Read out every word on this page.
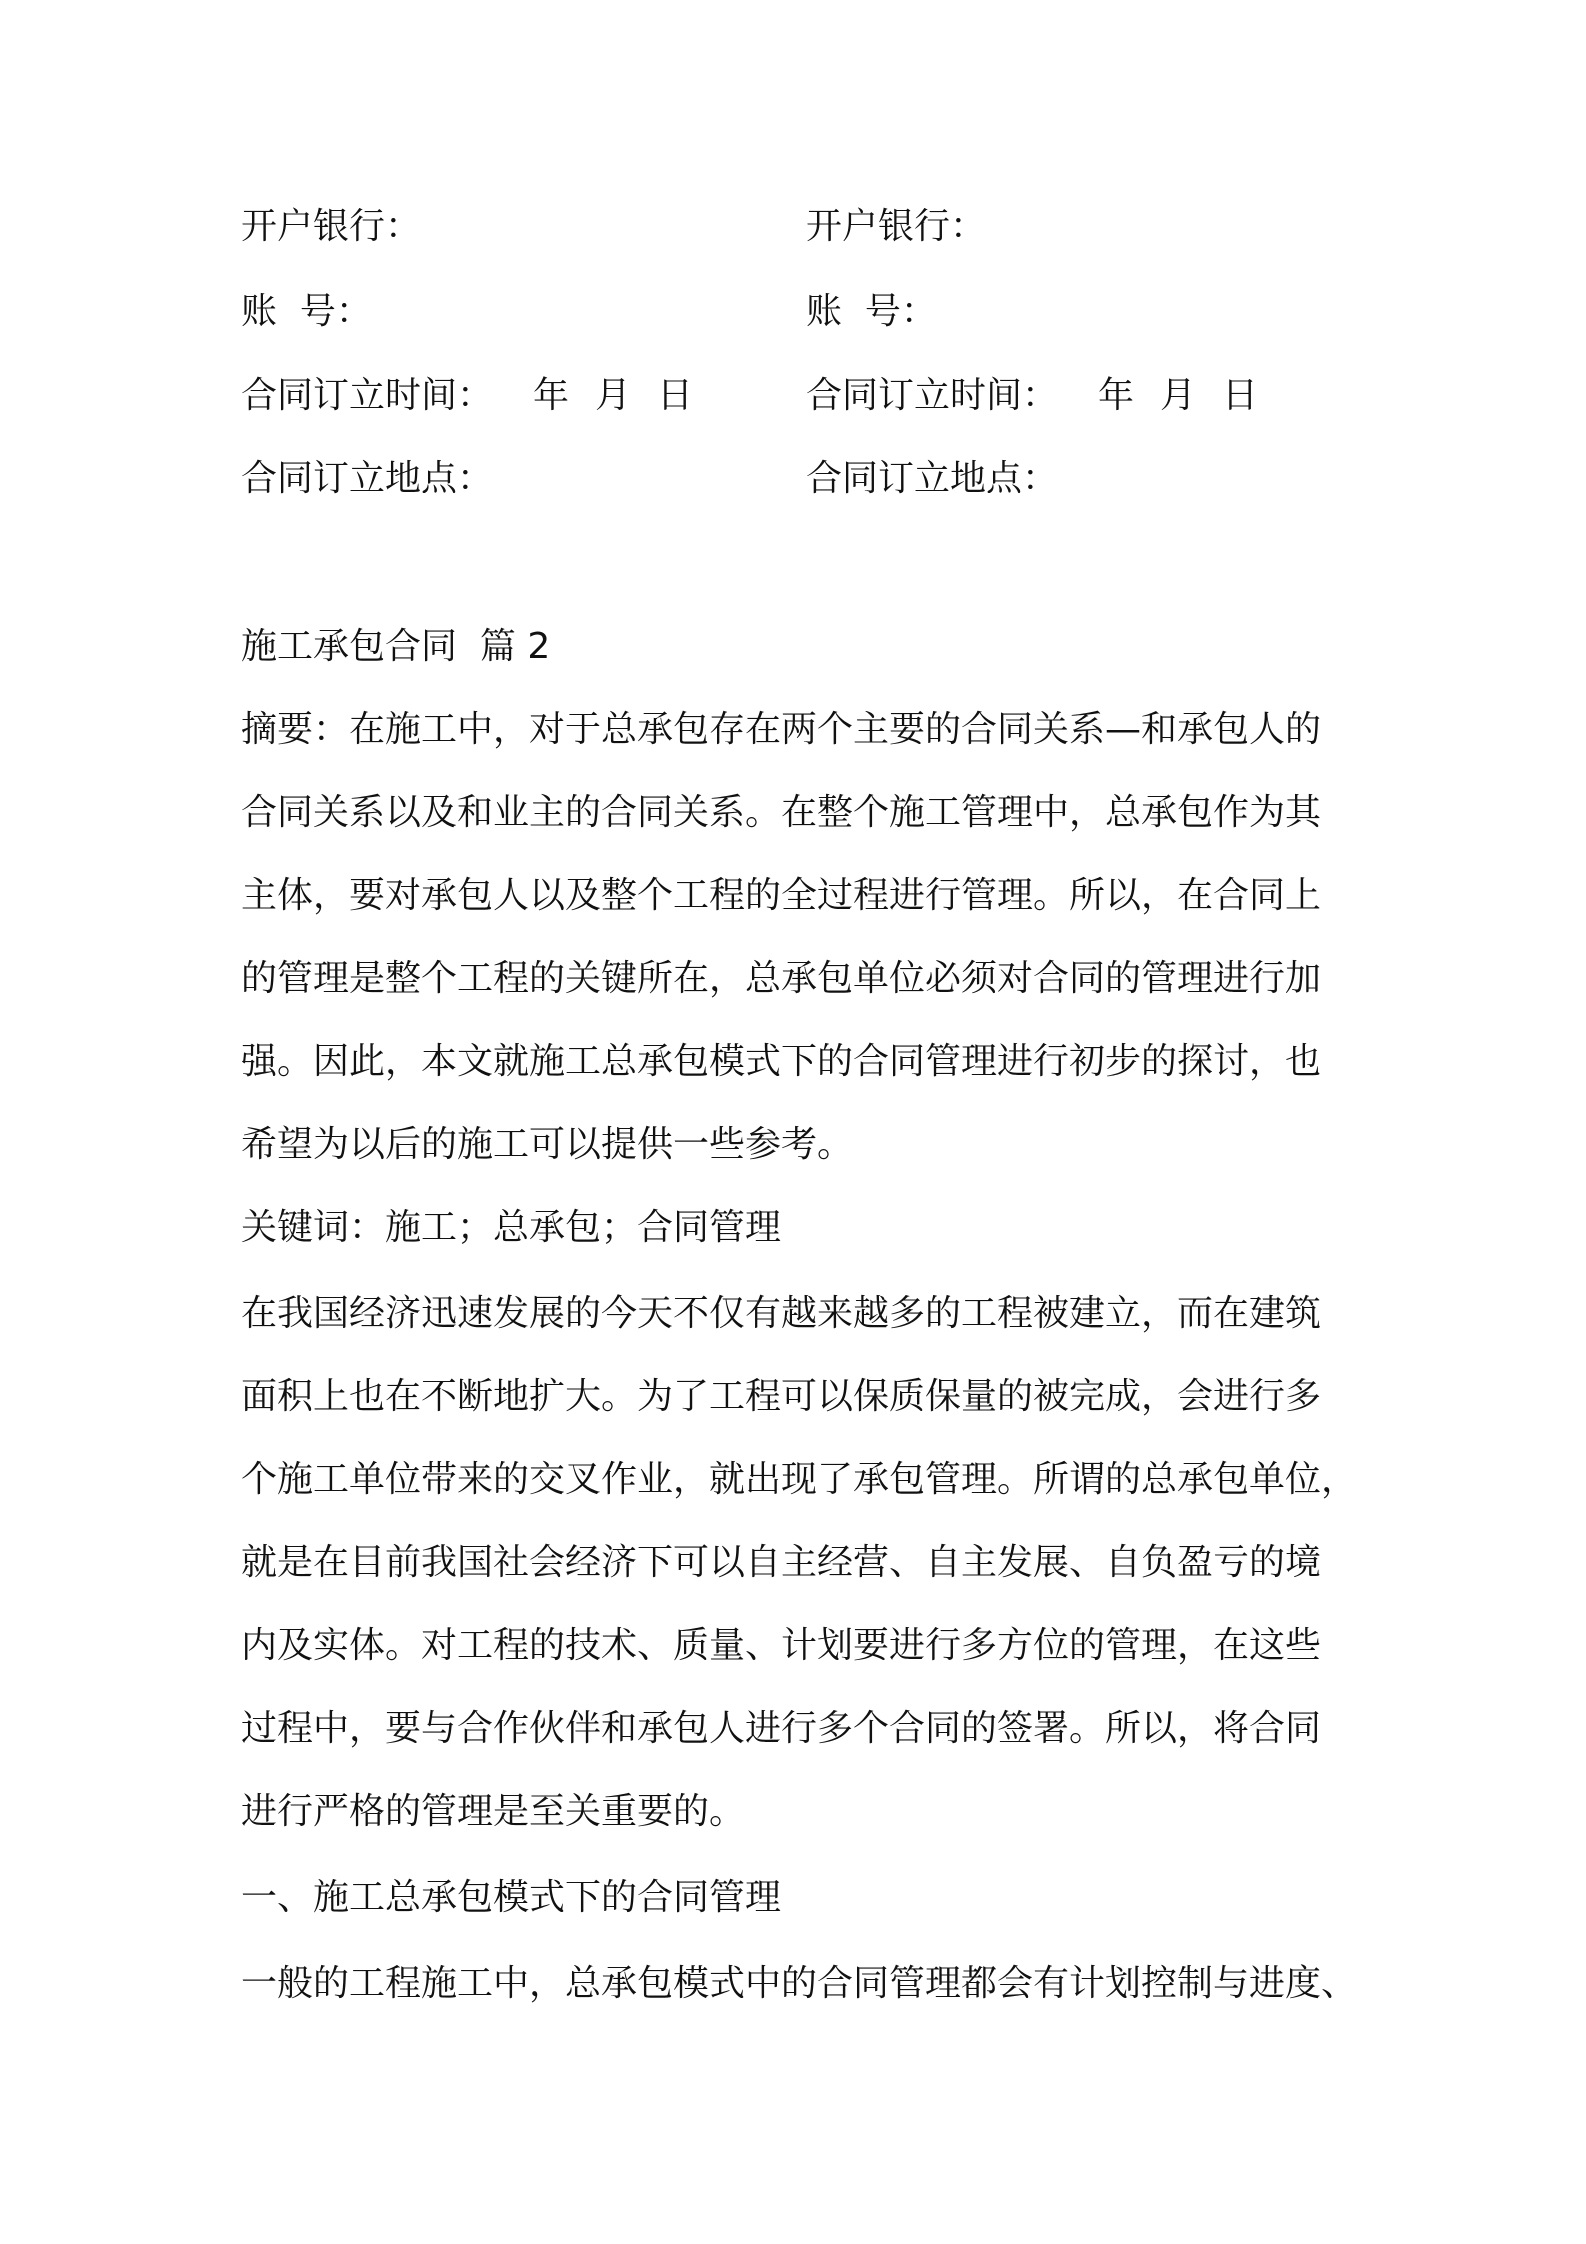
开户银行：	开户银行：
账  号：	账  号：
合同订立时间： 年 月 日	合同订立时间： 年 月 日
合同订立地点：	合同订立地点：
施工承包合同  篇 2
摘要：在施工中，对于总承包存在两个主要的合同关系—和承包人的
合同关系以及和业主的合同关系。在整个施工管理中，总承包作为其
主体，要对承包人以及整个工程的全过程进行管理。所以，在合同上
的管理是整个工程的关键所在，总承包单位必须对合同的管理进行加
强。因此，本文就施工总承包模式下的合同管理进行初步的探讨，也
希望为以后的施工可以提供一些参考。
关键词：施工；总承包；合同管理
在我国经济迅速发展的今天不仅有越来越多的工程被建立，而在建筑
面积上也在不断地扩大。为了工程可以保质保量的被完成，会进行多
个施工单位带来的交叉作业，就出现了承包管理。所谓的总承包单位，
就是在目前我国社会经济下可以自主经营、自主发展、自负盈亏的境
内及实体。对工程的技术、质量、计划要进行多方位的管理，在这些
过程中，要与合作伙伴和承包人进行多个合同的签署。所以，将合同
进行严格的管理是至关重要的。
一、施工总承包模式下的合同管理
一般的工程施工中，总承包模式中的合同管理都会有计划控制与进度、
